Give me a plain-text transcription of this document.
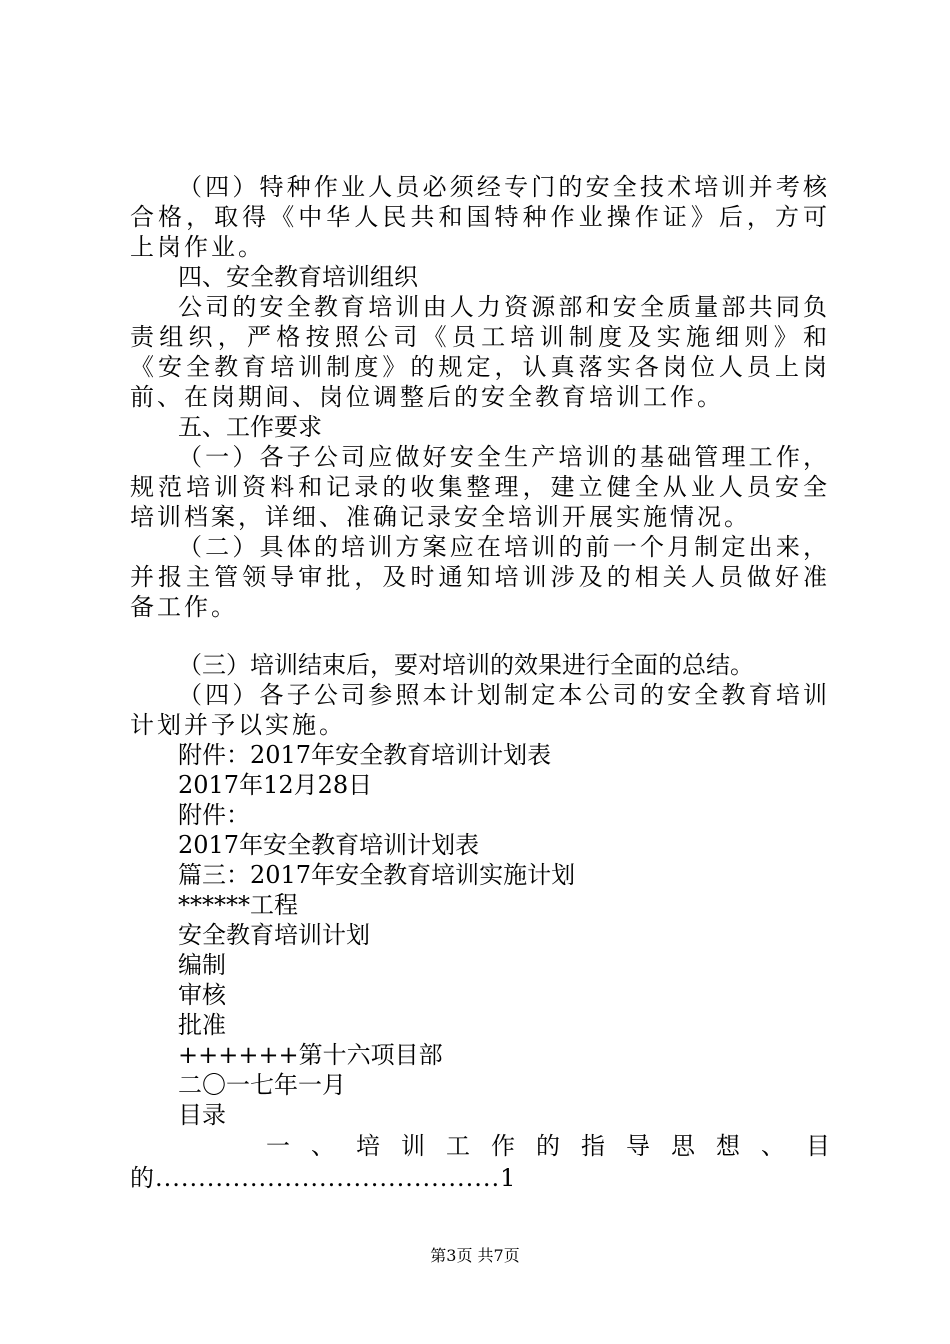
（四）特种作业人员必须经专门的安全技术培训并考核合格，取得《中华人民共和国特种作业操作证》后，方可上岗作业。

四、安全教育培训组织

公司的安全教育培训由人力资源部和安全质量部共同负责组织，严格按照公司《员工培训制度及实施细则》和《安全教育培训制度》的规定，认真落实各岗位人员上岗前、在岗期间、岗位调整后的安全教育培训工作。

五、工作要求

（一）各子公司应做好安全生产培训的基础管理工作，规范培训资料和记录的收集整理，建立健全从业人员安全培训档案，详细、准确记录安全培训开展实施情况。

（二）具体的培训方案应在培训的前一个月制定出来，并报主管领导审批，及时通知培训涉及的相关人员做好准备工作。

（三）培训结束后，要对培训的效果进行全面的总结。

（四）各子公司参照本计划制定本公司的安全教育培训计划并予以实施。

附件：2017年安全教育培训计划表

2017年12月28日

附件：

2017年安全教育培训计划表

篇三：2017年安全教育培训实施计划

******工程

安全教育培训计划

编制

审核

批准

++++++第十六项目部

二〇一七年一月

目录

一 、 培 训 工 作 的 指 导 思 想 、 目

的........................................1

第3页 共7页
